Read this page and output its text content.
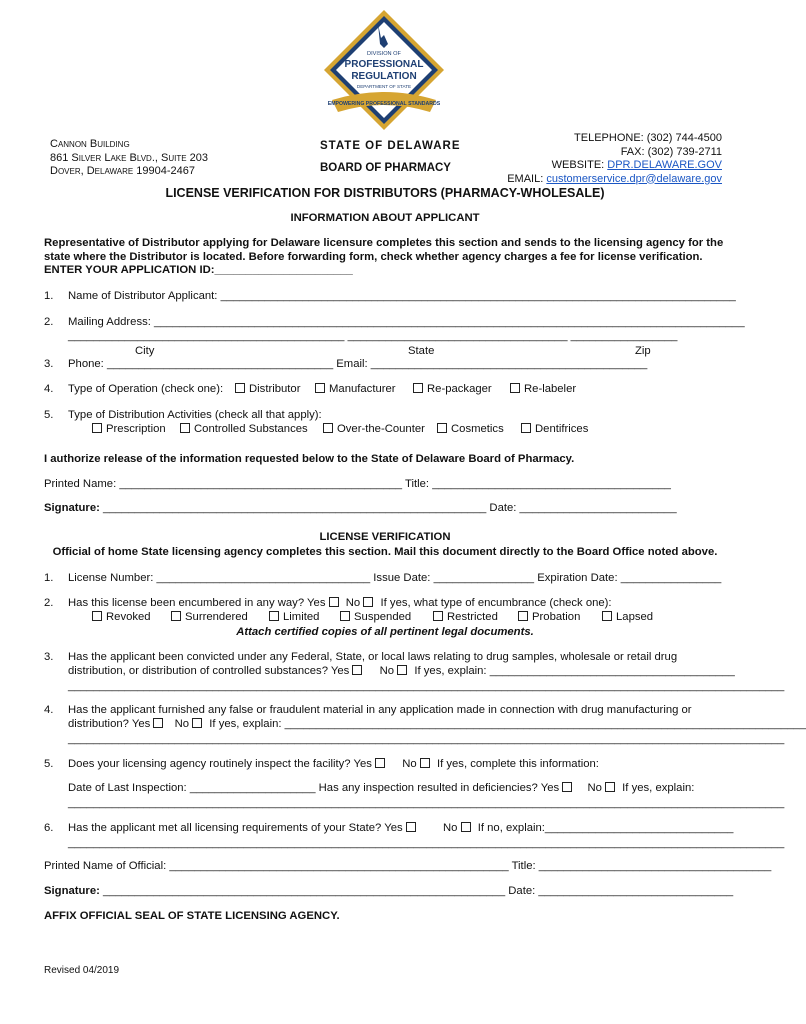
DIVISION OF
PROFESSIONAL
REGULATION
DEPARTMENT OF STATE
EMPOWERING PROFESSIONAL STANDARDS
Cannon Building
861 Silver Lake Blvd., Suite 203
Dover, Delaware 19904-2467
STATE OF DELAWARE
BOARD OF PHARMACY
TELEPHONE: (302) 744-4500
FAX: (302) 739-2711
WEBSITE: DPR.DELAWARE.GOV
EMAIL: customerservice.dpr@delaware.gov
LICENSE VERIFICATION FOR DISTRIBUTORS (PHARMACY-WHOLESALE)
INFORMATION ABOUT APPLICANT
Representative of Distributor applying for Delaware licensure completes this section and sends to the licensing agency for the state where the Distributor is located. Before forwarding form, check whether agency charges a fee for license verification. ENTER YOUR APPLICATION ID:______________________
1.	Name of Distributor Applicant: __________________________________________________________________________________
2.	Mailing Address: ______________________________________________________________________________________________
____________________________________________ ___________________________________ _________________
City	State	Zip
3.	Phone: ____________________________________ Email: ____________________________________________
4.	Type of Operation (check one):	Distributor	Manufacturer	Re-packager	Re-labeler
5.	Type of Distribution Activities (check all that apply):
Prescription	Controlled Substances	Over-the-Counter	Cosmetics	Dentifrices
I authorize release of the information requested below to the State of Delaware Board of Pharmacy.
Printed Name: _____________________________________________ Title: ______________________________________
Signature: _____________________________________________________________ Date: _________________________
LICENSE VERIFICATION
Official of home State licensing agency completes this section. Mail this document directly to the Board Office noted above.
1.	License Number: __________________________________ Issue Date: ________________ Expiration Date: ________________
2.	Has this license been encumbered in any way? Yes No If yes, what type of encumbrance (check one):
Revoked	Surrendered	Limited	Suspended	Restricted	Probation	Lapsed
Attach certified copies of all pertinent legal documents.
3.	Has the applicant been convicted under any Federal, State, or local laws relating to drug samples, wholesale or retail drug
distribution, or distribution of controlled substances? Yes	No If yes, explain: _______________________________________
__________________________________________________________________________________________________________________
4.	Has the applicant furnished any false or fraudulent material in any application made in connection with drug manufacturing or
distribution? Yes No If yes, explain: ___________________________________________________________________________________
__________________________________________________________________________________________________________________
5.	Does your licensing agency routinely inspect the facility? Yes	No If yes, complete this information:
Date of Last Inspection: ____________________ Has any inspection resulted in deficiencies? Yes	No If yes, explain:
__________________________________________________________________________________________________________________
6.	Has the applicant met all licensing requirements of your State? Yes	No If no, explain:______________________________
__________________________________________________________________________________________________________________
Printed Name of Official: ______________________________________________________ Title: _____________________________________
Signature: ________________________________________________________________ Date: _______________________________
AFFIX OFFICIAL SEAL OF STATE LICENSING AGENCY.
Revised 04/2019
